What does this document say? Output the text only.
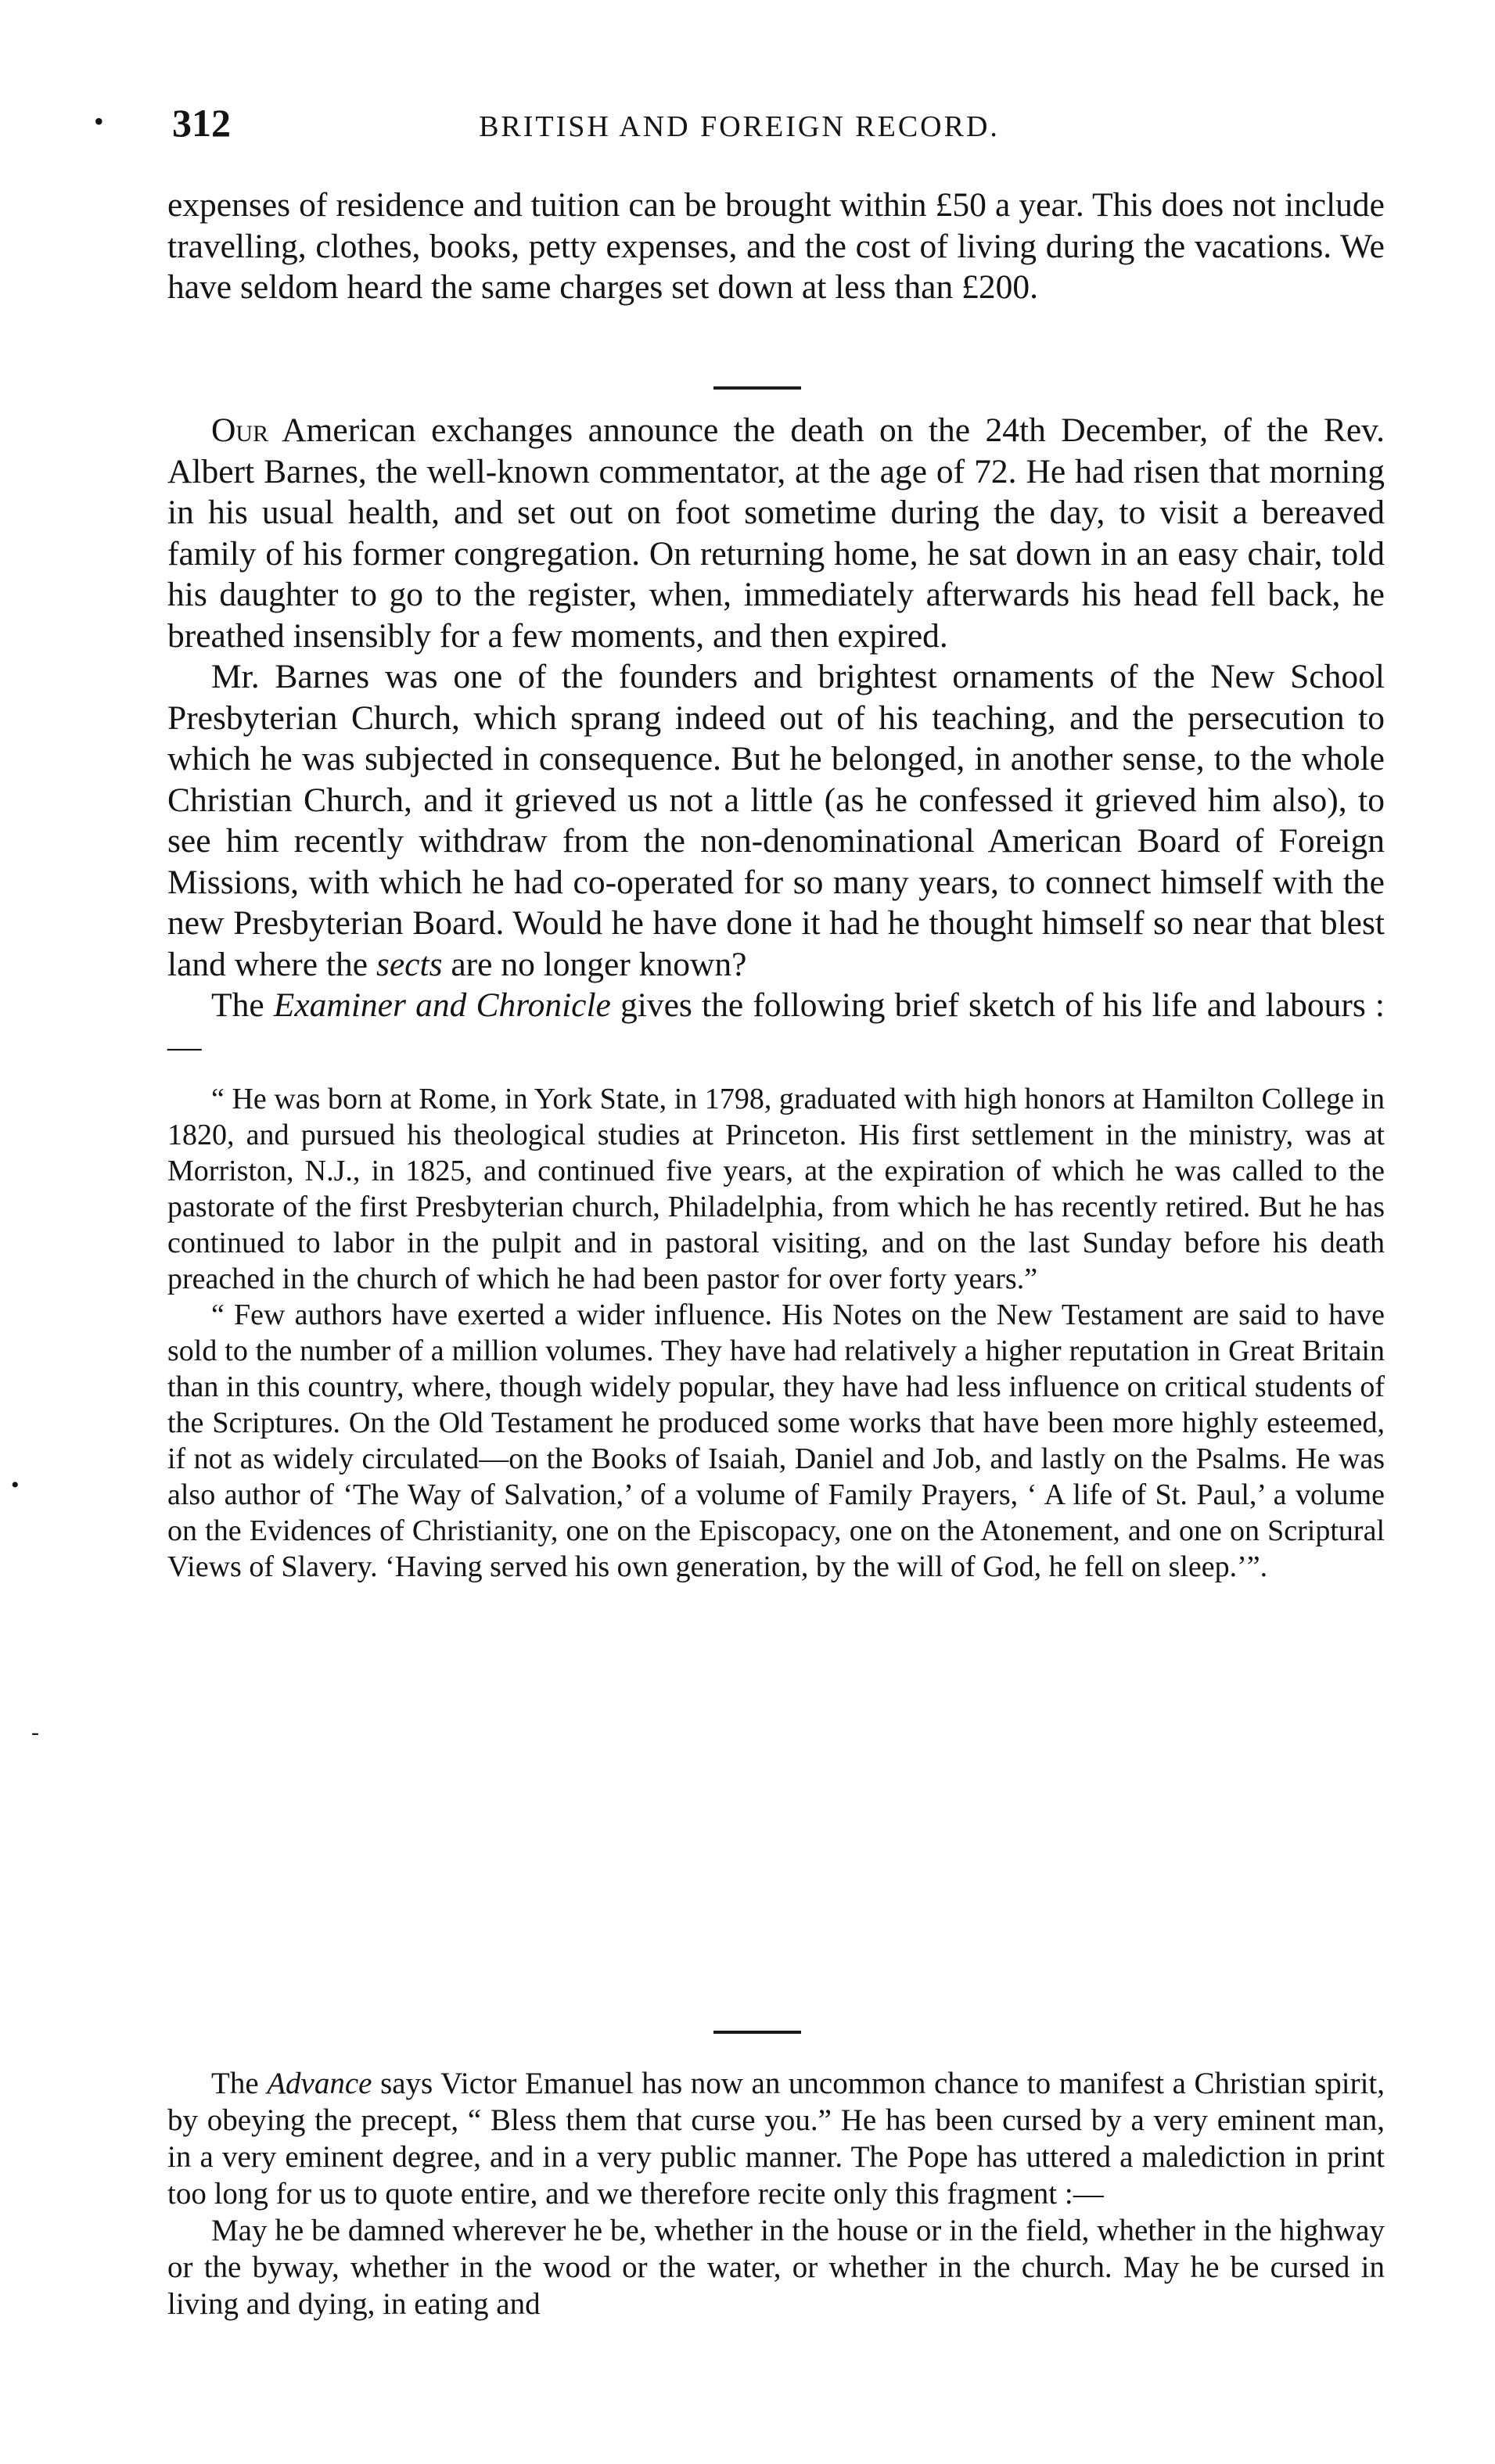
• 312	BRITISH AND FOREIGN RECORD.

expenses of residence and tuition can be brought within £50 a year. This does not include travelling, clothes, books, petty expenses, and the cost of living during the vacations. We have seldom heard the same charges set down at less than £200.

Our American exchanges announce the death on the 24th December, of the Rev. Albert Barnes, the well-known commentator, at the age of 72. He had risen that morning in his usual health, and set out on foot sometime during the day, to visit a bereaved family of his former congregation. On returning home, he sat down in an easy chair, told his daughter to go to the register, when, immediately afterwards his head fell back, he breathed insensibly for a few moments, and then expired.

Mr. Barnes was one of the founders and brightest ornaments of the New School Presbyterian Church, which sprang indeed out of his teaching, and the persecution to which he was subjected in consequence. But he belonged, in another sense, to the whole Christian Church, and it grieved us not a little (as he confessed it grieved him also), to see him recently withdraw from the non-denominational American Board of Foreign Missions, with which he had co-operated for so many years, to connect himself with the new Presbyterian Board. Would he have done it had he thought himself so near that blest land where the sects are no longer known?

The Examiner and Chronicle gives the following brief sketch of his life and labours :—

“ He was born at Rome, in York State, in 1798, graduated with high honors at Hamilton College in 1820, and pursued his theological studies at Princeton. His first settlement in the ministry, was at Morriston, N.J., in 1825, and continued five years, at the expiration of which he was called to the pastorate of the first Presbyterian church, Philadelphia, from which he has recently retired. But he has continued to labor in the pulpit and in pastoral visiting, and on the last Sunday before his death preached in the church of which he had been pastor for over forty years.”

“ Few authors have exerted a wider influence. His Notes on the New Testament are said to have sold to the number of a million volumes. They have had relatively a higher reputation in Great Britain than in this country, where, though widely popular, they have had less influence on critical students of the Scriptures. On the Old Testament he produced some works that have been more highly esteemed, if not as widely circulated—on the Books of Isaiah, Daniel and Job, and lastly on the Psalms. He was also author of ‘The Way of Salvation,’ of a volume of Family Prayers, ‘ A life of St. Paul,’ a volume on the Evidences of Christianity, one on the Episcopacy, one on the Atonement, and one on Scriptural Views of Slavery. ‘Having served his own generation, by the will of God, he fell on sleep.’”.

The Advance says Victor Emanuel has now an uncommon chance to manifest a Christian spirit, by obeying the precept, “ Bless them that curse you.” He has been cursed by a very eminent man, in a very eminent degree, and in a very public manner. The Pope has uttered a malediction in print too long for us to quote entire, and we therefore recite only this fragment :—

May he be damned wherever he be, whether in the house or in the field, whether in the highway or the byway, whether in the wood or the water, or whether in the church. May he be cursed in living and dying, in eating and

•
-
